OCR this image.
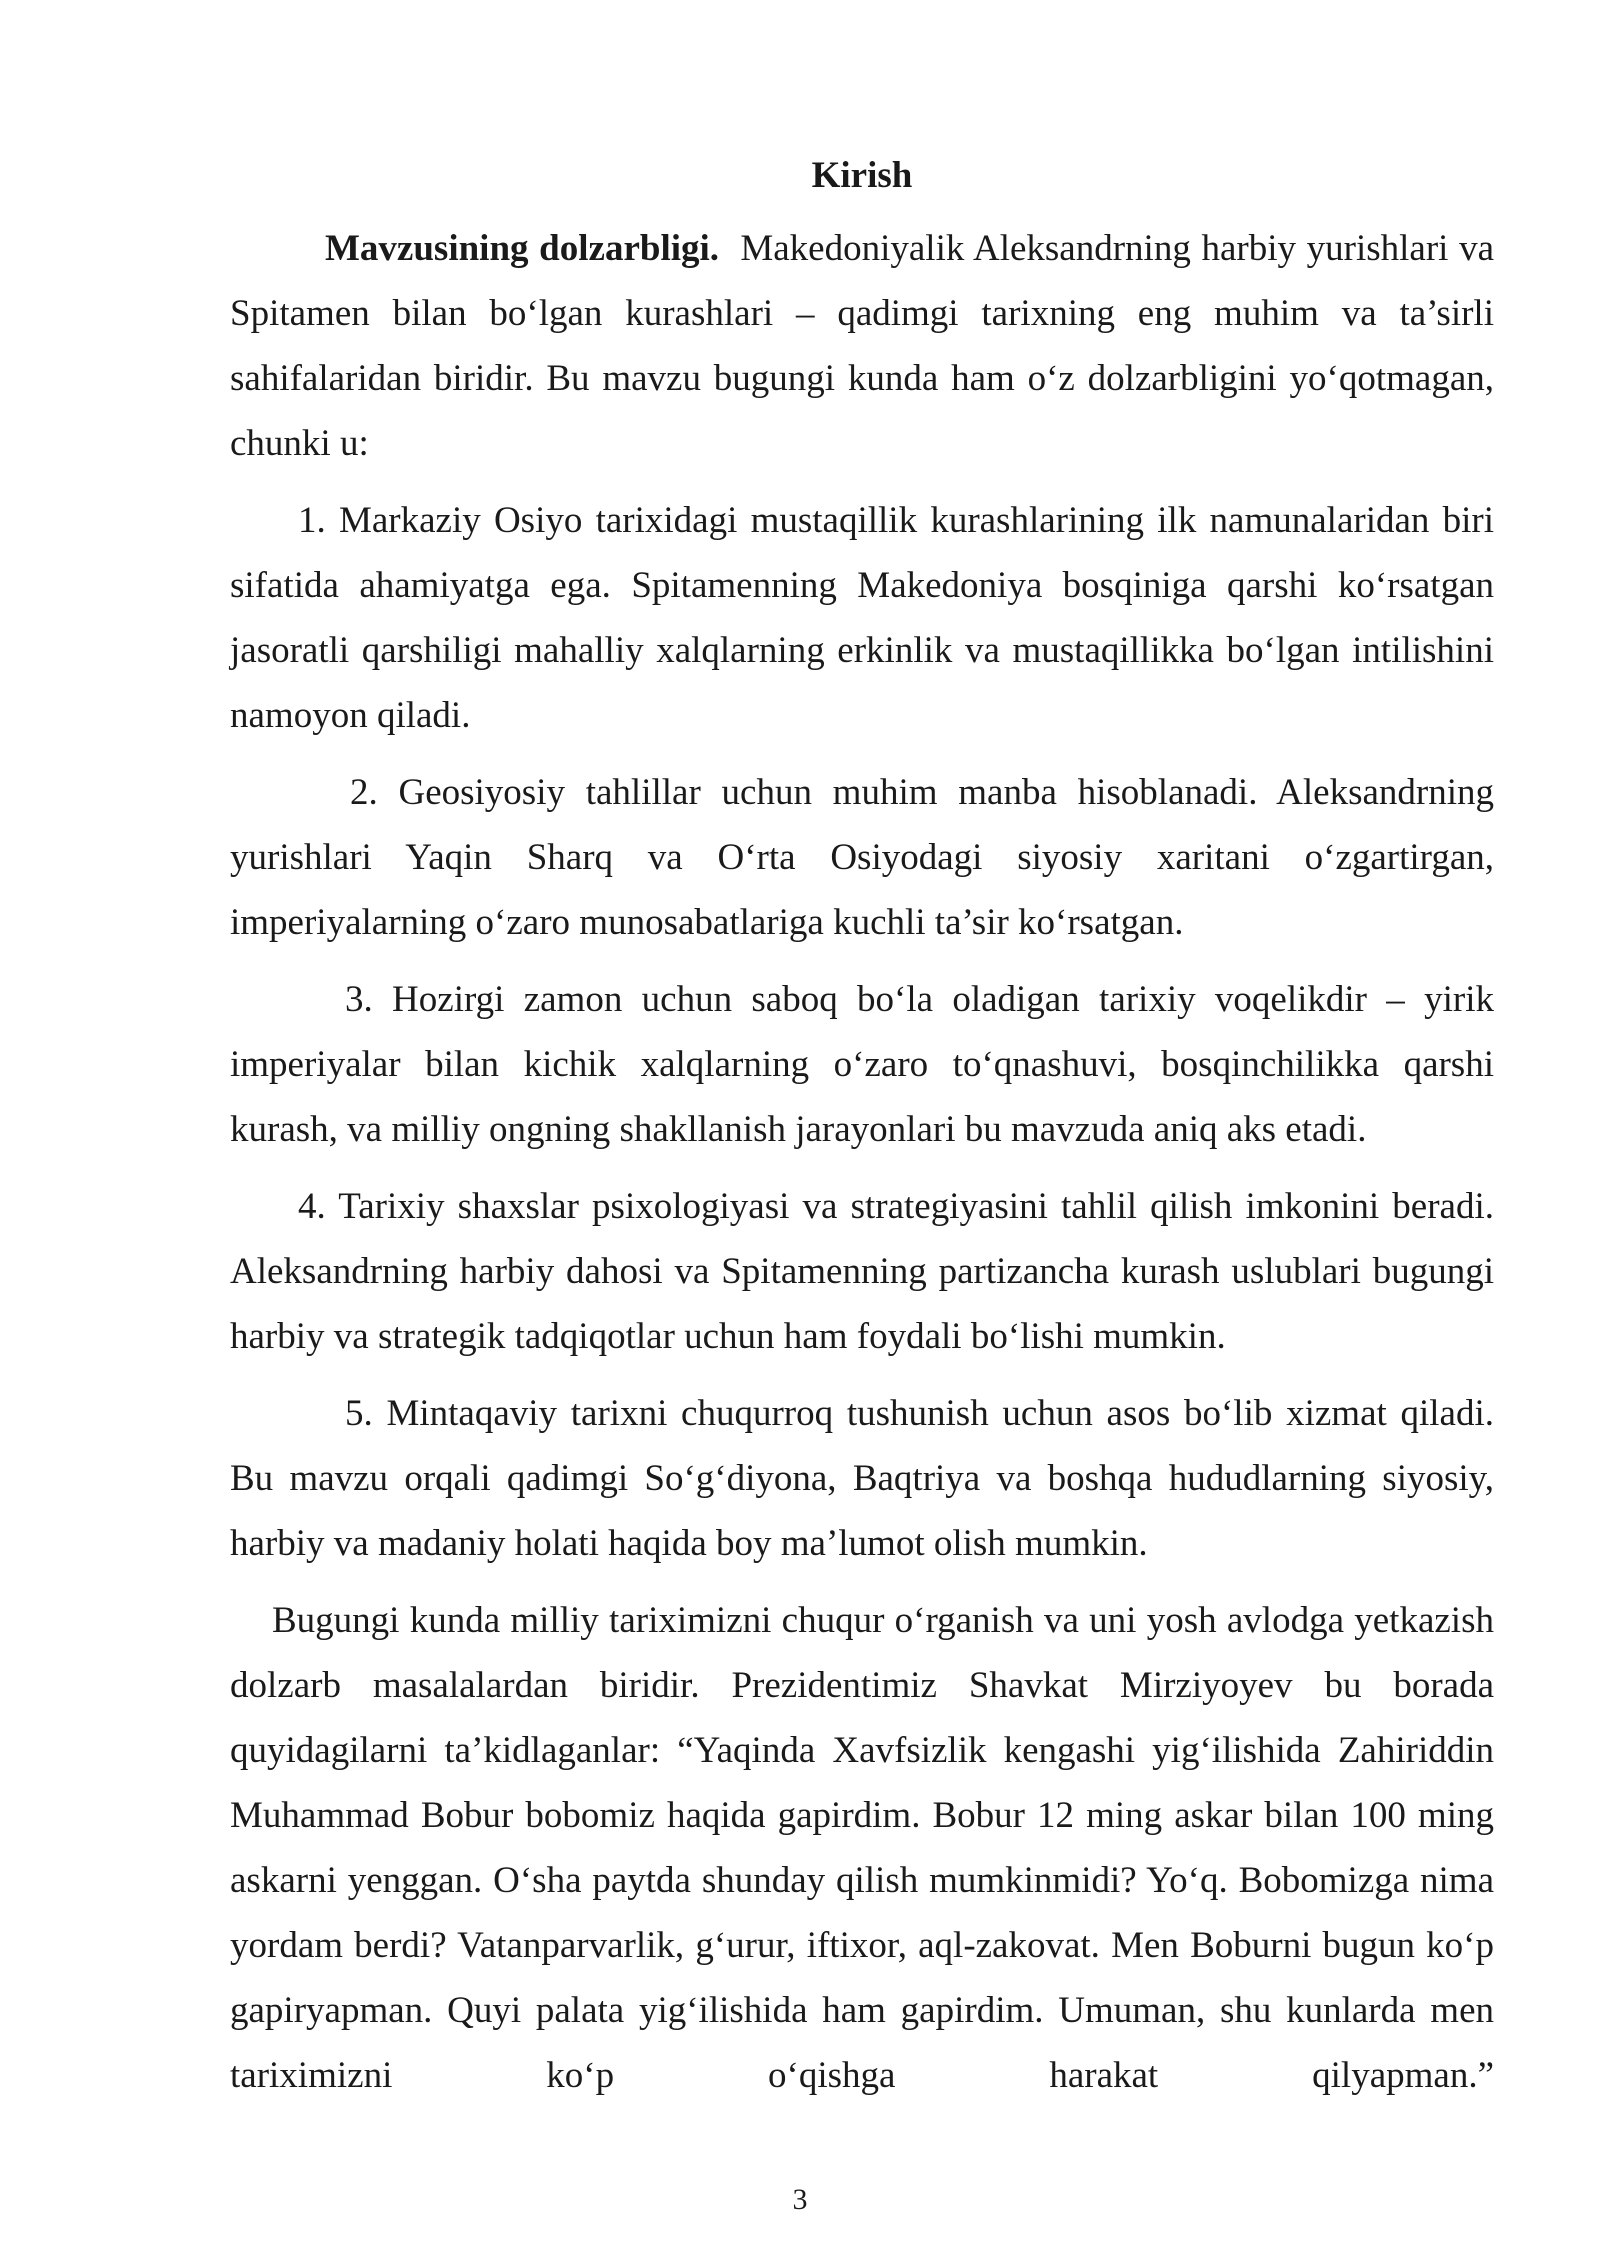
Kirish

Mavzusining dolzarbligi. Makedoniyalik Aleksandrning harbiy yurishlari va Spitamen bilan bo‘lgan kurashlari – qadimgi tarixning eng muhim va ta’sirli sahifalaridan biridir. Bu mavzu bugungi kunda ham o‘z dolzarbligini yo‘qotmagan, chunki u:

1. Markaziy Osiyo tarixidagi mustaqillik kurashlarining ilk namunalaridan biri sifatida ahamiyatga ega. Spitamenning Makedoniya bosqiniga qarshi ko‘rsatgan jasoratli qarshiligi mahalliy xalqlarning erkinlik va mustaqillikka bo‘lgan intilishini namoyon qiladi.

2. Geosiyosiy tahlillar uchun muhim manba hisoblanadi. Aleksandrning yurishlari Yaqin Sharq va O‘rta Osiyodagi siyosiy xaritani o‘zgartirgan, imperiyalarning o‘zaro munosabatlariga kuchli ta’sir ko‘rsatgan.

3. Hozirgi zamon uchun saboq bo‘la oladigan tarixiy voqelikdir – yirik imperiyalar bilan kichik xalqlarning o‘zaro to‘qnashuvi, bosqinchilikka qarshi kurash, va milliy ongning shakllanish jarayonlari bu mavzuda aniq aks etadi.

4. Tarixiy shaxslar psixologiyasi va strategiyasini tahlil qilish imkonini beradi. Aleksandrning harbiy dahosi va Spitamenning partizancha kurash uslublari bugungi harbiy va strategik tadqiqotlar uchun ham foydali bo‘lishi mumkin.

5. Mintaqaviy tarixni chuqurroq tushunish uchun asos bo‘lib xizmat qiladi. Bu mavzu orqali qadimgi So‘g‘diyona, Baqtriya va boshqa hududlarning siyosiy, harbiy va madaniy holati haqida boy ma’lumot olish mumkin.

Bugungi kunda milliy tariximizni chuqur o‘rganish va uni yosh avlodga yetkazish dolzarb masalalardan biridir. Prezidentimiz Shavkat Mirziyoyev bu borada quyidagilarni ta’kidlaganlar: “Yaqinda Xavfsizlik kengashi yig‘ilishida Zahiriddin Muhammad Bobur bobomiz haqida gapirdim. Bobur 12 ming askar bilan 100 ming askarni yenggan. O‘sha paytda shunday qilish mumkinmidi? Yo‘q. Bobomizga nima yordam berdi? Vatanparvarlik, g‘urur, iftixor, aql-zakovat. Men Boburni bugun ko‘p gapiryapman. Quyi palata yig‘ilishida ham gapirdim. Umuman, shu kunlarda men tariximizni ko‘p o‘qishga harakat qilyapman.”

3
